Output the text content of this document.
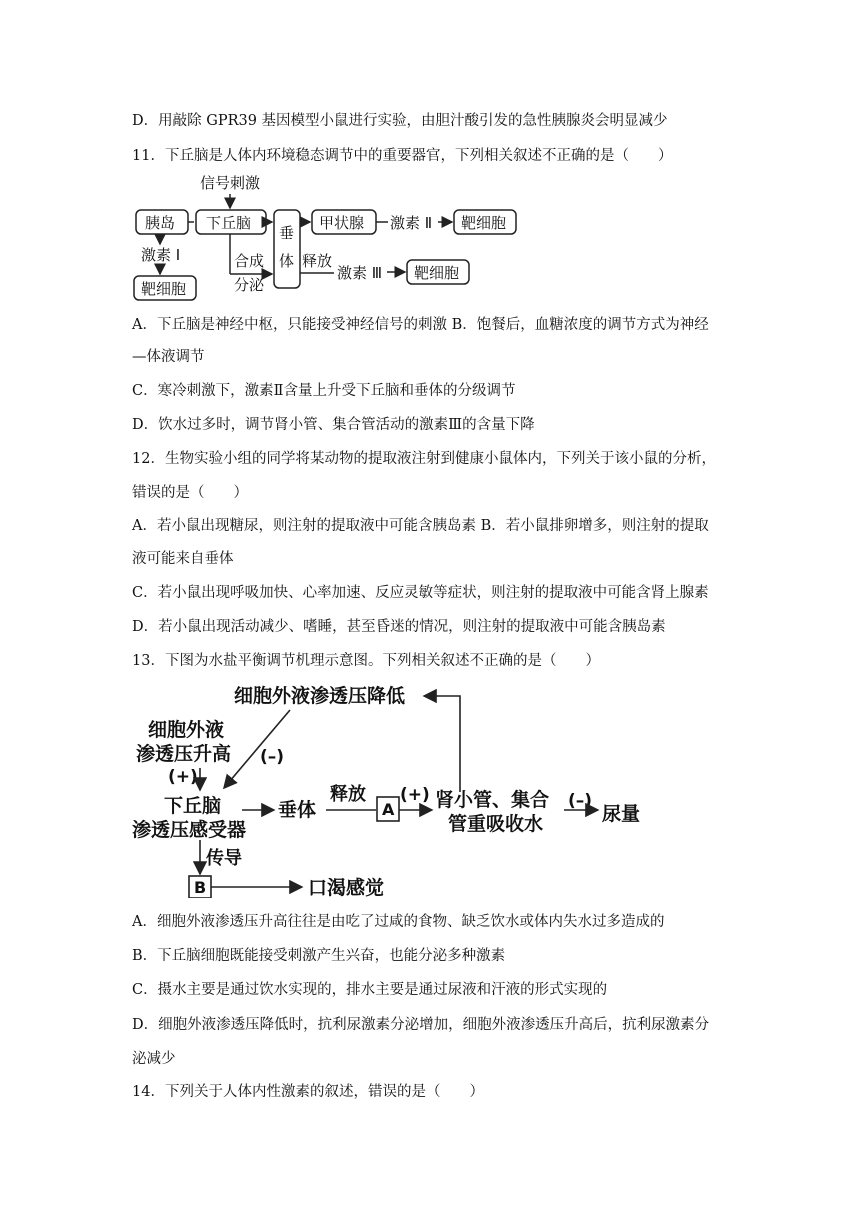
D．用敲除 GPR39 基因模型小鼠进行实验，由胆汁酸引发的急性胰腺炎会明显减少
11．下丘脑是人体内环境稳态调节中的重要器官，下列相关叙述不正确的是（　　）
信号刺激
胰岛 下丘脑
垂
体
甲状腺 激素 Ⅱ 靶细胞
激素 Ⅰ
靶细胞
合成
分泌
释放
激素 Ⅲ 靶细胞
A．下丘脑是神经中枢，只能接受神经信号的刺激 B．饱餐后，血糖浓度的调节方式为神经
—体液调节
C．寒冷刺激下，激素Ⅱ含量上升受下丘脑和垂体的分级调节
D．饮水过多时，调节肾小管、集合管活动的激素Ⅲ的含量下降
12．生物实验小组的同学将某动物的提取液注射到健康小鼠体内，下列关于该小鼠的分析，
错误的是（　　）
A．若小鼠出现糖尿，则注射的提取液中可能含胰岛素 B．若小鼠排卵增多，则注射的提取
液可能来自垂体
C．若小鼠出现呼吸加快、心率加速、反应灵敏等症状，则注射的提取液中可能含肾上腺素
D．若小鼠出现活动减少、嗜睡，甚至昏迷的情况，则注射的提取液中可能含胰岛素
13．下图为水盐平衡调节机理示意图。下列相关叙述不正确的是（　　）
细胞外液渗透压降低
细胞外液
渗透压升高
(+)
(–)
下丘脑
渗透压感受器
垂体
释放 (+) 肾小管、集合
管重吸收水
(–)
尿量
传导
口渴感觉
A
B
A．细胞外液渗透压升高往往是由吃了过咸的食物、缺乏饮水或体内失水过多造成的
B．下丘脑细胞既能接受刺激产生兴奋，也能分泌多种激素
C．摄水主要是通过饮水实现的，排水主要是通过尿液和汗液的形式实现的
D．细胞外液渗透压降低时，抗利尿激素分泌增加，细胞外液渗透压升高后，抗利尿激素分
泌减少
14．下列关于人体内性激素的叙述，错误的是（　　）
